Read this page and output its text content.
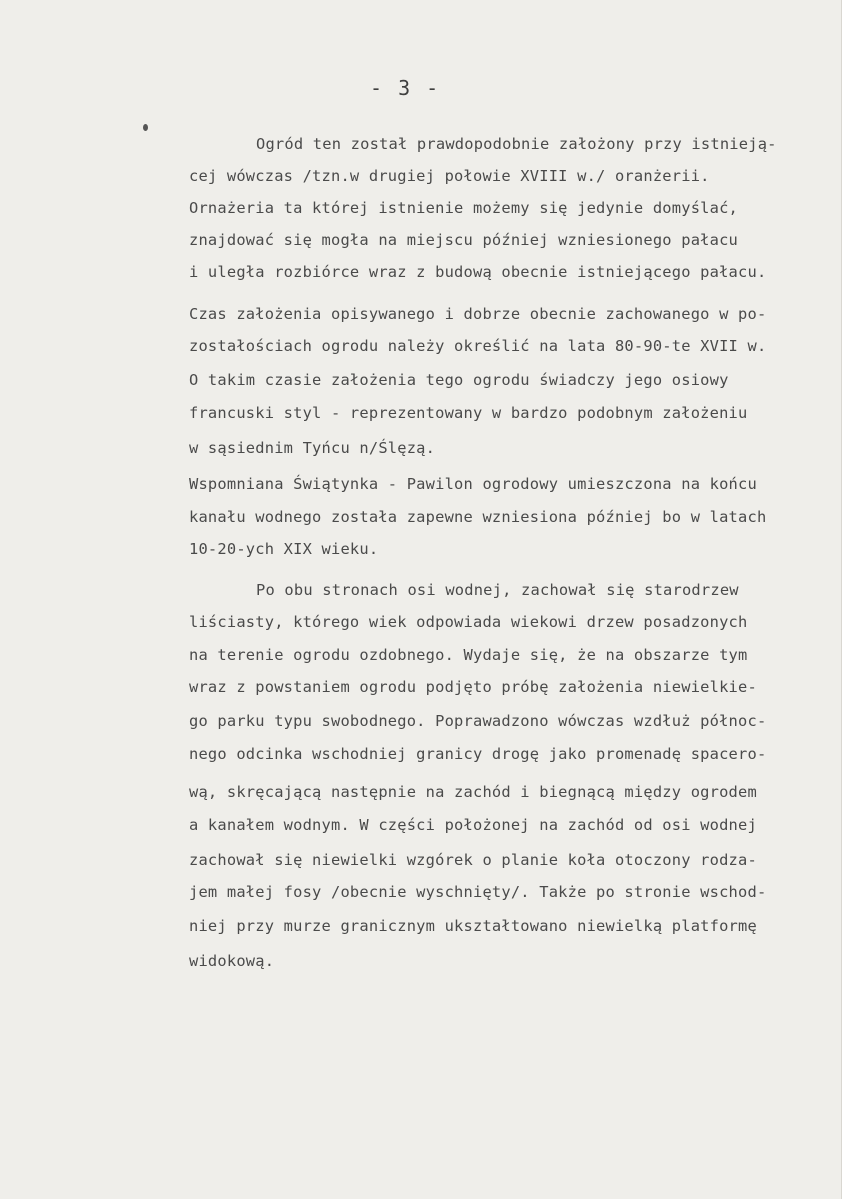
- 3 -
Ogród ten został prawdopodobnie założony przy istnieją-
cej wówczas /tzn.w drugiej połowie XVIII w./ oranżerii.
Ornażeria ta której istnienie możemy się jedynie domyślać,
znajdować się mogła na miejscu później wzniesionego pałacu
i uległa rozbiórce wraz z budową obecnie istniejącego pałacu.
Czas założenia opisywanego i dobrze obecnie zachowanego w po-
zostałościach ogrodu należy określić na lata 80-90-te XVII w.
O takim czasie założenia tego ogrodu świadczy jego osiowy
francuski styl - reprezentowany w bardzo podobnym założeniu
w sąsiednim Tyńcu n/Ślęzą.
Wspomniana Świątynka - Pawilon ogrodowy umieszczona na końcu
kanału wodnego została zapewne wzniesiona później bo w latach
10-20-ych XIX wieku.
Po obu stronach osi wodnej, zachował się starodrzew
liściasty, którego wiek odpowiada wiekowi drzew posadzonych
na terenie ogrodu ozdobnego. Wydaje się, że na obszarze tym
wraz z powstaniem ogrodu podjęto próbę założenia niewielkie-
go parku typu swobodnego. Poprawadzono wówczas wzdłuż północ-
nego odcinka wschodniej granicy drogę jako promenadę spacero-
wą, skręcającą następnie na zachód i biegnącą między ogrodem
a kanałem wodnym. W części położonej na zachód od osi wodnej
zachował się niewielki wzgórek o planie koła otoczony rodza-
jem małej fosy /obecnie wyschnięty/. Także po stronie wschod-
niej przy murze granicznym ukształtowano niewielką platformę
widokową.
